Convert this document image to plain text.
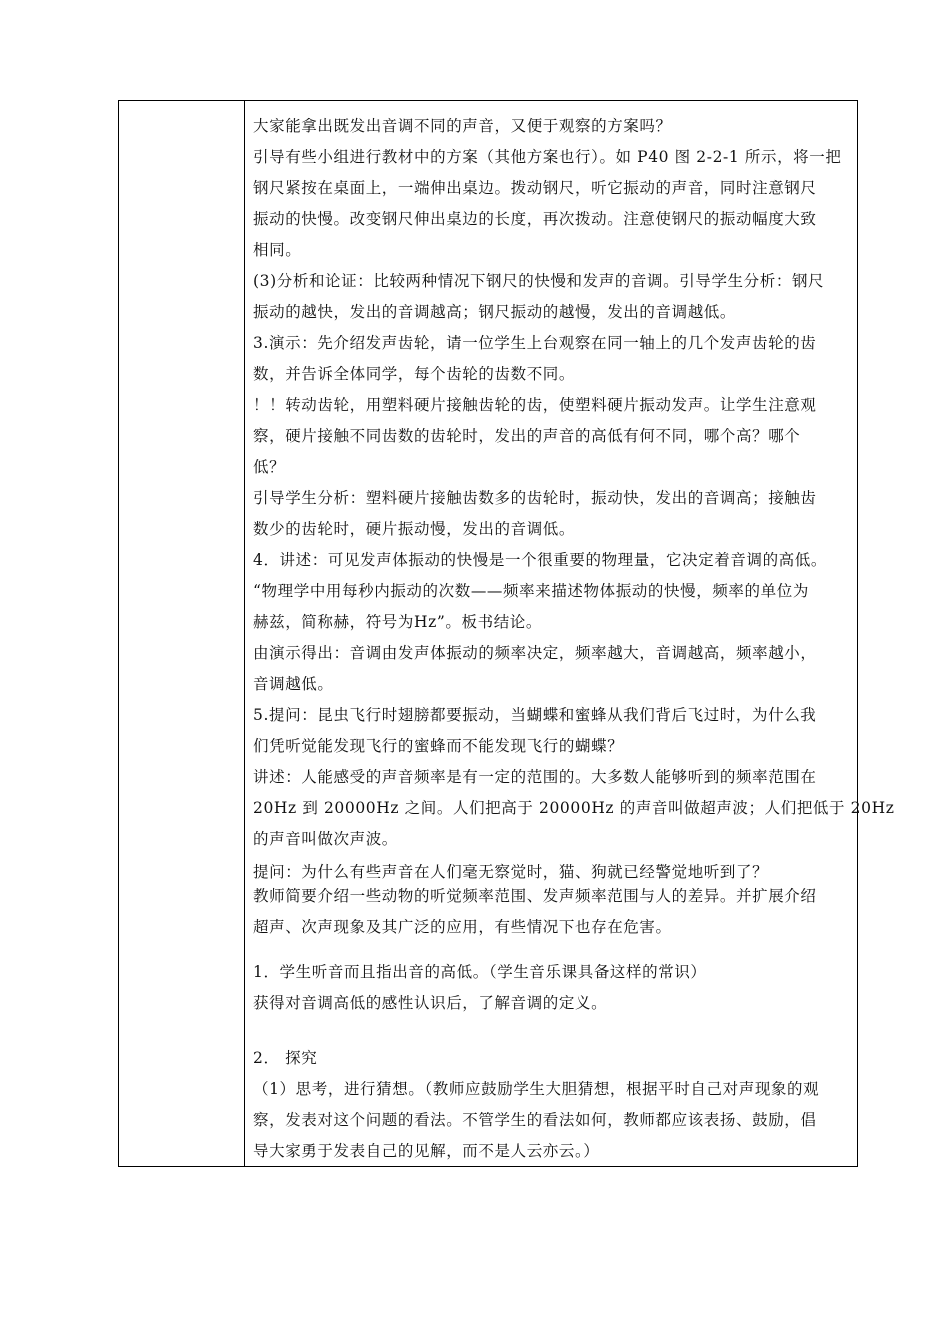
大家能拿出既发出音调不同的声音，又便于观察的方案吗？
引导有些小组进行教材中的方案（其他方案也行）。如 P40 图 2-2-1 所示，将一把
钢尺紧按在桌面上，一端伸出桌边。拨动钢尺，听它振动的声音，同时注意钢尺
振动的快慢。改变钢尺伸出桌边的长度，再次拨动。注意使钢尺的振动幅度大致
相同。
(3)分析和论证：比较两种情况下钢尺的快慢和发声的音调。引导学生分析：钢尺
振动的越快，发出的音调越高；钢尺振动的越慢，发出的音调越低。
3.演示：先介绍发声齿轮，请一位学生上台观察在同一轴上的几个发声齿轮的齿
数，并告诉全体同学，每个齿轮的齿数不同。
！！转动齿轮，用塑料硬片接触齿轮的齿，使塑料硬片振动发声。让学生注意观
察，硬片接触不同齿数的齿轮时，发出的声音的高低有何不同，哪个高？哪个
低？
引导学生分析：塑料硬片接触齿数多的齿轮时，振动快，发出的音调高；接触齿
数少的齿轮时，硬片振动慢，发出的音调低。
4．讲述：可见发声体振动的快慢是一个很重要的物理量，它决定着音调的高低。
“物理学中用每秒内振动的次数——频率来描述物体振动的快慢，频率的单位为
赫兹，简称赫，符号为Hz”。板书结论。
由演示得出：音调由发声体振动的频率决定，频率越大，音调越高，频率越小，
音调越低。
5.提问：昆虫飞行时翅膀都要振动，当蝴蝶和蜜蜂从我们背后飞过时，为什么我
们凭听觉能发现飞行的蜜蜂而不能发现飞行的蝴蝶？
讲述：人能感受的声音频率是有一定的范围的。大多数人能够听到的频率范围在
20Hz 到 20000Hz 之间。人们把高于 20000Hz 的声音叫做超声波；人们把低于 20Hz
的声音叫做次声波。
提问：为什么有些声音在人们毫无察觉时，猫、狗就已经警觉地听到了？
教师简要介绍一些动物的听觉频率范围、发声频率范围与人的差异。并扩展介绍
超声、次声现象及其广泛的应用，有些情况下也存在危害。
1．学生听音而且指出音的高低。（学生音乐课具备这样的常识）
获得对音调高低的感性认识后，了解音调的定义。
2． 探究
（1）思考，进行猜想。（教师应鼓励学生大胆猜想，根据平时自己对声现象的观
察，发表对这个问题的看法。不管学生的看法如何，教师都应该表扬、鼓励，倡
导大家勇于发表自己的见解，而不是人云亦云。）
